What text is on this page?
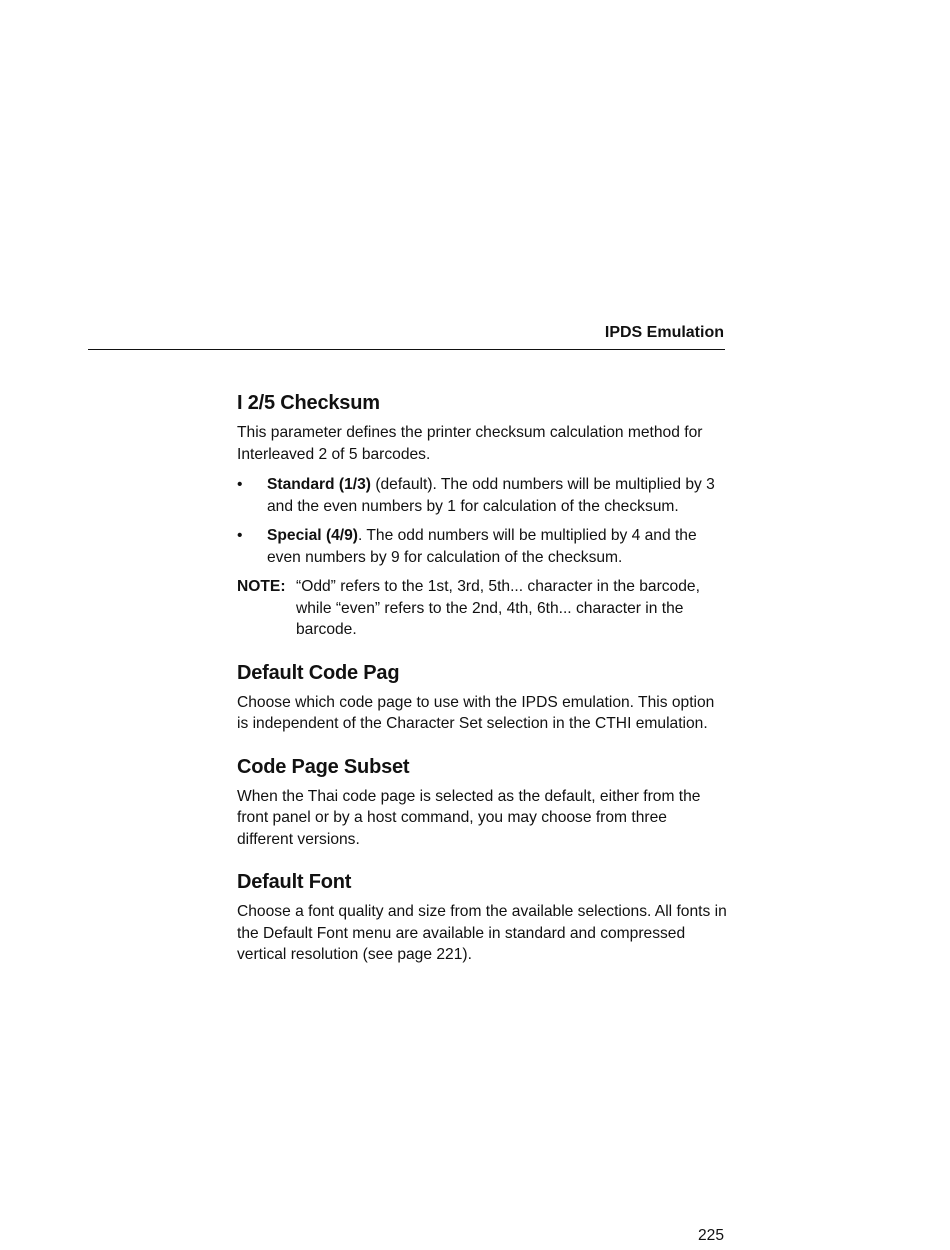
IPDS Emulation
I 2/5 Checksum

This parameter defines the printer checksum calculation method for Interleaved 2 of 5 barcodes.

• Standard (1/3) (default). The odd numbers will be multiplied by 3 and the even numbers by 1 for calculation of the checksum.
• Special (4/9). The odd numbers will be multiplied by 4 and the even numbers by 9 for calculation of the checksum.
NOTE: “Odd” refers to the 1st, 3rd, 5th... character in the barcode, while “even” refers to the 2nd, 4th, 6th... character in the barcode.
Default Code Pag

Choose which code page to use with the IPDS emulation. This option is independent of the Character Set selection in the CTHI emulation.

Code Page Subset

When the Thai code page is selected as the default, either from the front panel or by a host command, you may choose from three different versions.

Default Font

Choose a font quality and size from the available selections. All fonts in the Default Font menu are available in standard and compressed vertical resolution (see page 221).

225
